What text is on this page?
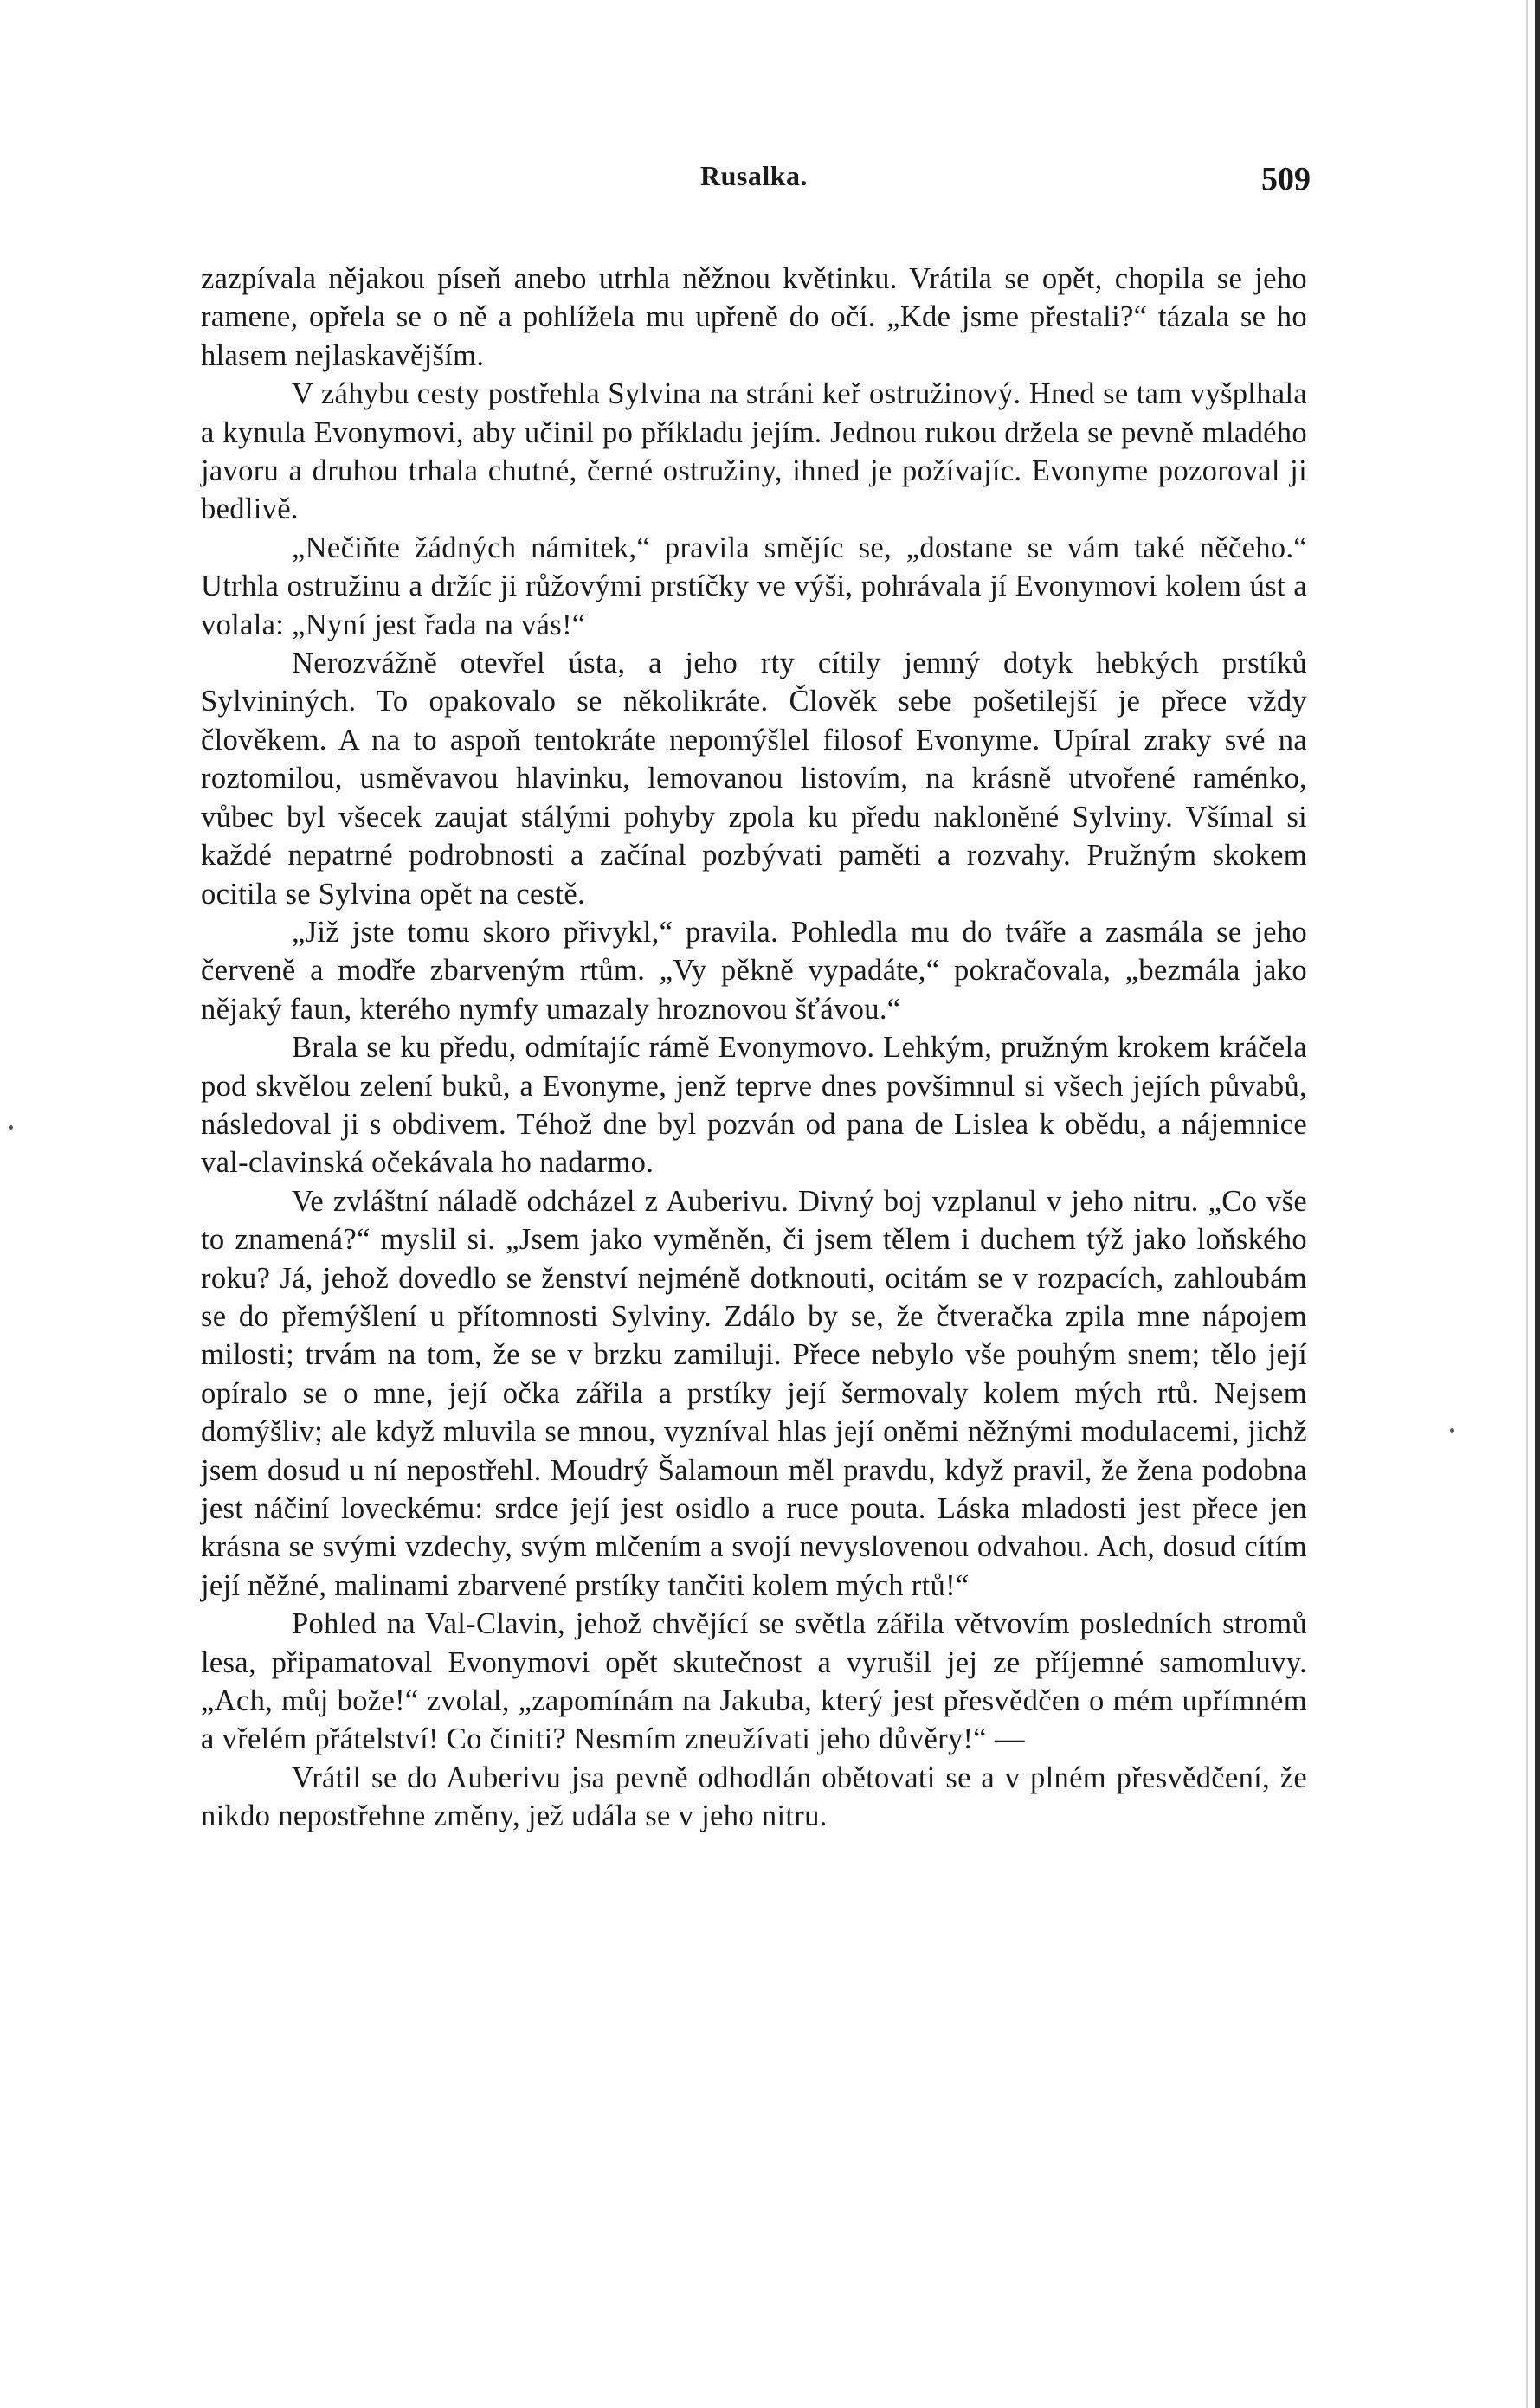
Rusalka.	509

zazpívala nějakou píseň anebo utrhla něžnou květinku. Vrátila se opět, chopila se jeho ramene, opřela se o ně a pohlížela mu upřeně do očí. „Kde jsme přestali?“ tázala se ho hlasem nejlaskavějším.

V záhybu cesty postřehla Sylvina na stráni keř ostružinový. Hned se tam vyšplhala a kynula Evonymovi, aby učinil po příkladu jejím. Jednou rukou držela se pevně mladého javoru a druhou trhala chutné, černé ostružiny, ihned je požívajíc. Evonyme pozoroval ji bedlivě.

„Nečiňte žádných námitek,“ pravila smějíc se, „dostane se vám také něčeho.“ Utrhla ostružinu a držíc ji růžovými prstíčky ve výši, pohrávala jí Evonymovi kolem úst a volala: „Nyní jest řada na vás!“

Nerozvážně otevřel ústa, a jeho rty cítily jemný dotyk hebkých prstíků Sylvininých. To opakovalo se několikráte. Člověk sebe pošetilejší je přece vždy člověkem. A na to aspoň tentokráte nepomýšlel filosof Evonyme. Upíral zraky své na roztomilou, usměvavou hlavinku, lemovanou listovím, na krásně utvořené raménko, vůbec byl všecek zaujat stálými pohyby zpola ku předu nakloněné Sylviny. Všímal si každé nepatrné podrobnosti a začínal pozbývati paměti a rozvahy. Pružným skokem ocitila se Sylvina opět na cestě.

„Již jste tomu skoro přivykl,“ pravila. Pohledla mu do tváře a zasmála se jeho červeně a modře zbarveným rtům. „Vy pěkně vypadáte,“ pokračovala, „bezmála jako nějaký faun, kterého nymfy umazaly hroznovou šťávou.“

Brala se ku předu, odmítajíc rámě Evonymovo. Lehkým, pružným krokem kráčela pod skvělou zelení buků, a Evonyme, jenž teprve dnes povšimnul si všech jejích půvabů, následoval ji s obdivem. Téhož dne byl pozván od pana de Lislea k obědu, a nájemnice val-clavinská očekávala ho nadarmo.

Ve zvláštní náladě odcházel z Auberivu. Divný boj vzplanul v jeho nitru. „Co vše to znamená?“ myslil si. „Jsem jako vyměněn, či jsem tělem i duchem týž jako loňského roku? Já, jehož dovedlo se ženství nejméně dotknouti, ocitám se v rozpacích, zahloubám se do přemýšlení u přítomnosti Sylviny. Zdálo by se, že čtveračka zpila mne nápojem milosti; trvám na tom, že se v brzku zamiluji. Přece nebylo vše pouhým snem; tělo její opíralo se o mne, její očka zářila a prstíky její šermovaly kolem mých rtů. Nejsem domýšliv; ale když mluvila se mnou, vyzníval hlas její oněmi něžnými modulacemi, jichž jsem dosud u ní nepostřehl. Moudrý Šalamoun měl pravdu, když pravil, že žena podobna jest náčiní loveckému: srdce její jest osidlo a ruce pouta. Láska mladosti jest přece jen krásna se svými vzdechy, svým mlčením a svojí nevyslovenou odvahou. Ach, dosud cítím její něžné, malinami zbarvené prstíky tančiti kolem mých rtů!“

Pohled na Val-Clavin, jehož chvějící se světla zářila větvovím posledních stromů lesa, připamatoval Evonymovi opět skutečnost a vyrušil jej ze příjemné samomluvy. „Ach, můj bože!“ zvolal, „zapomínám na Jakuba, který jest přesvědčen o mém upřímném a vřelém přátelství! Co činiti? Nesmím zneužívati jeho důvěry!“ —

Vrátil se do Auberivu jsa pevně odhodlán obětovati se a v plném přesvědčení, že nikdo nepostřehne změny, jež udála se v jeho nitru.
